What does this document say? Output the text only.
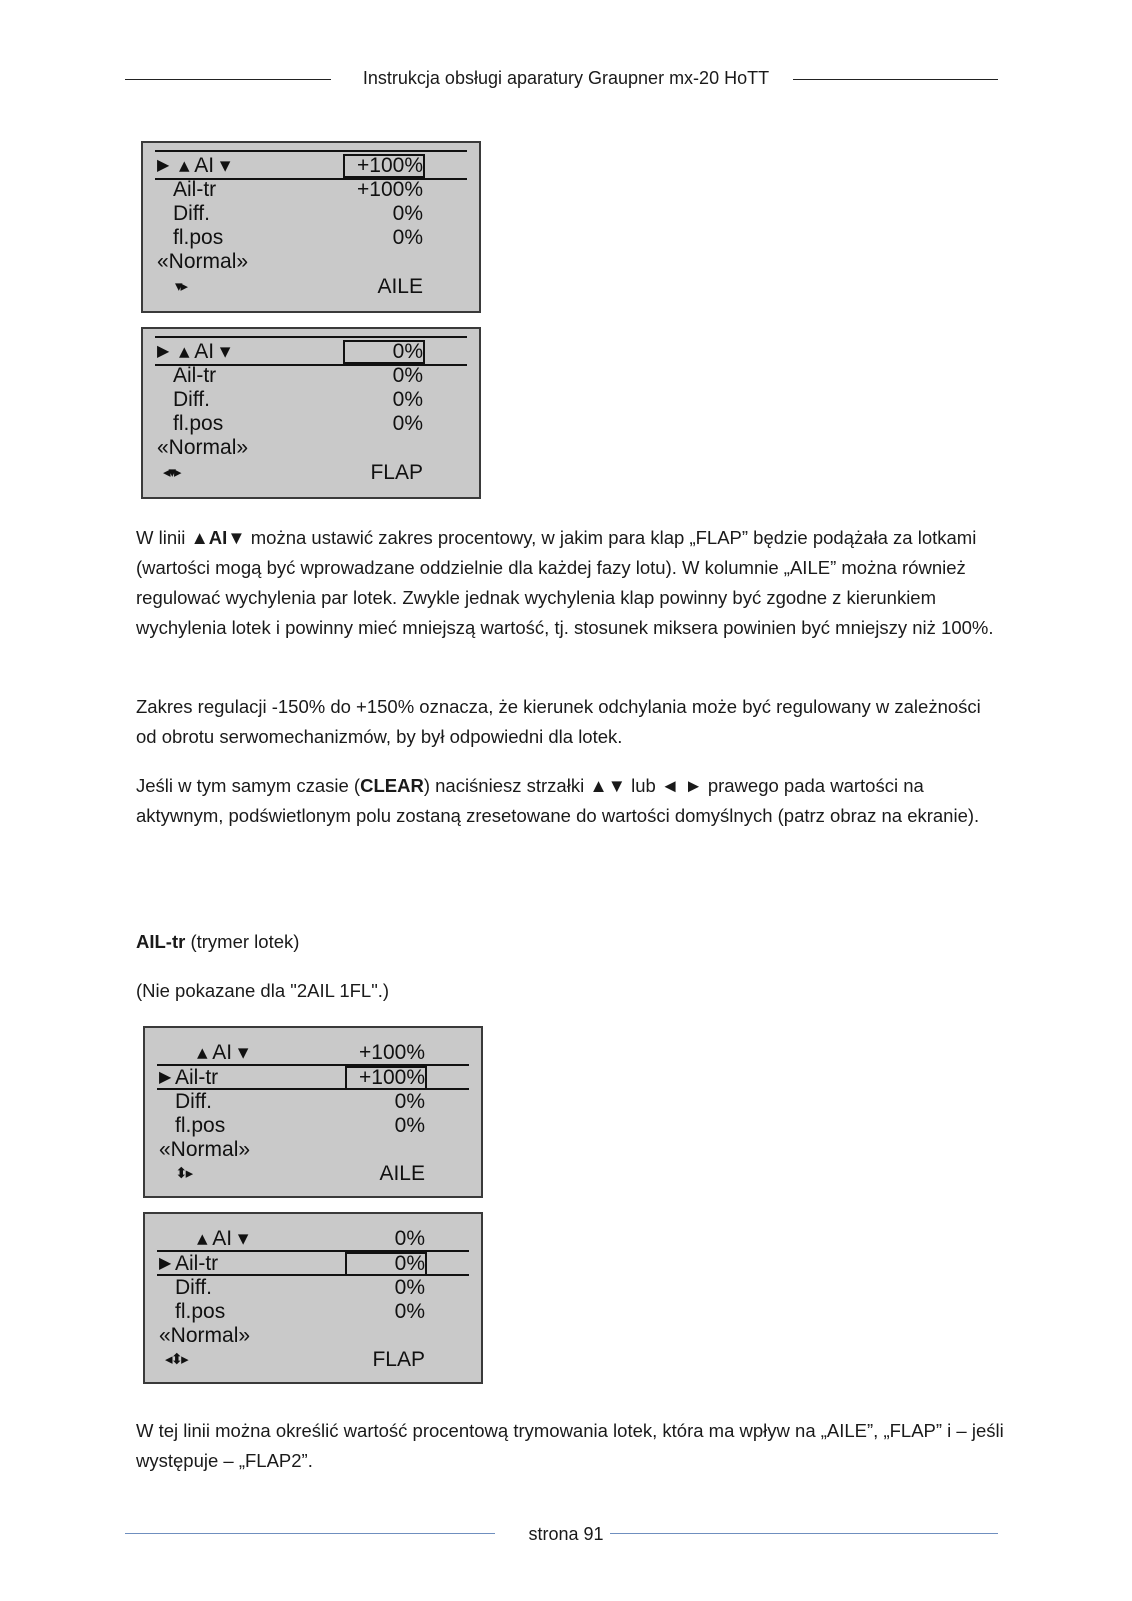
Instrukcja obsługi aparatury Graupner mx-20 HoTT
▶ ▴ AI ▾	+100%
Ail-tr	+100%
Diff.	0%
fl.pos	0%
«Normal»
▾▸	AILE
▶ ▴ AI ▾	0%
Ail-tr	0%
Diff.	0%
fl.pos	0%
«Normal»
◂▾▸	FLAP
W linii ▲AI▼ można ustawić zakres procentowy, w jakim para klap „FLAP” będzie podążała za lotkami (wartości mogą być wprowadzane oddzielnie dla każdej fazy lotu). W kolumnie „AILE” można również regulować wychylenia par lotek. Zwykle jednak wychylenia klap powinny być zgodne z kierunkiem wychylenia lotek i powinny mieć mniejszą wartość, tj. stosunek miksera powinien być mniejszy niż 100%.
Zakres regulacji -150% do +150% oznacza, że kierunek odchylania może być regulowany w zależności od obrotu serwomechanizmów, by był odpowiedni dla lotek.
Jeśli w tym samym czasie (CLEAR) naciśniesz strzałki ▲▼ lub ◄ ► prawego pada wartości na aktywnym, podświetlonym polu zostaną zresetowane do wartości domyślnych (patrz obraz na ekranie).
AIL-tr (trymer lotek)
(Nie pokazane dla "2AIL 1FL".)
▴ AI ▾	+100%
▶ Ail-tr	+100%
Diff.	0%
fl.pos	0%
«Normal»
⬍▸	AILE
▴ AI ▾	0%
▶ Ail-tr	0%
Diff.	0%
fl.pos	0%
«Normal»
◂⬍▸	FLAP
W tej linii można określić wartość procentową trymowania lotek, która ma wpływ na „AILE”, „FLAP” i – jeśli występuje – „FLAP2”.
strona 91
